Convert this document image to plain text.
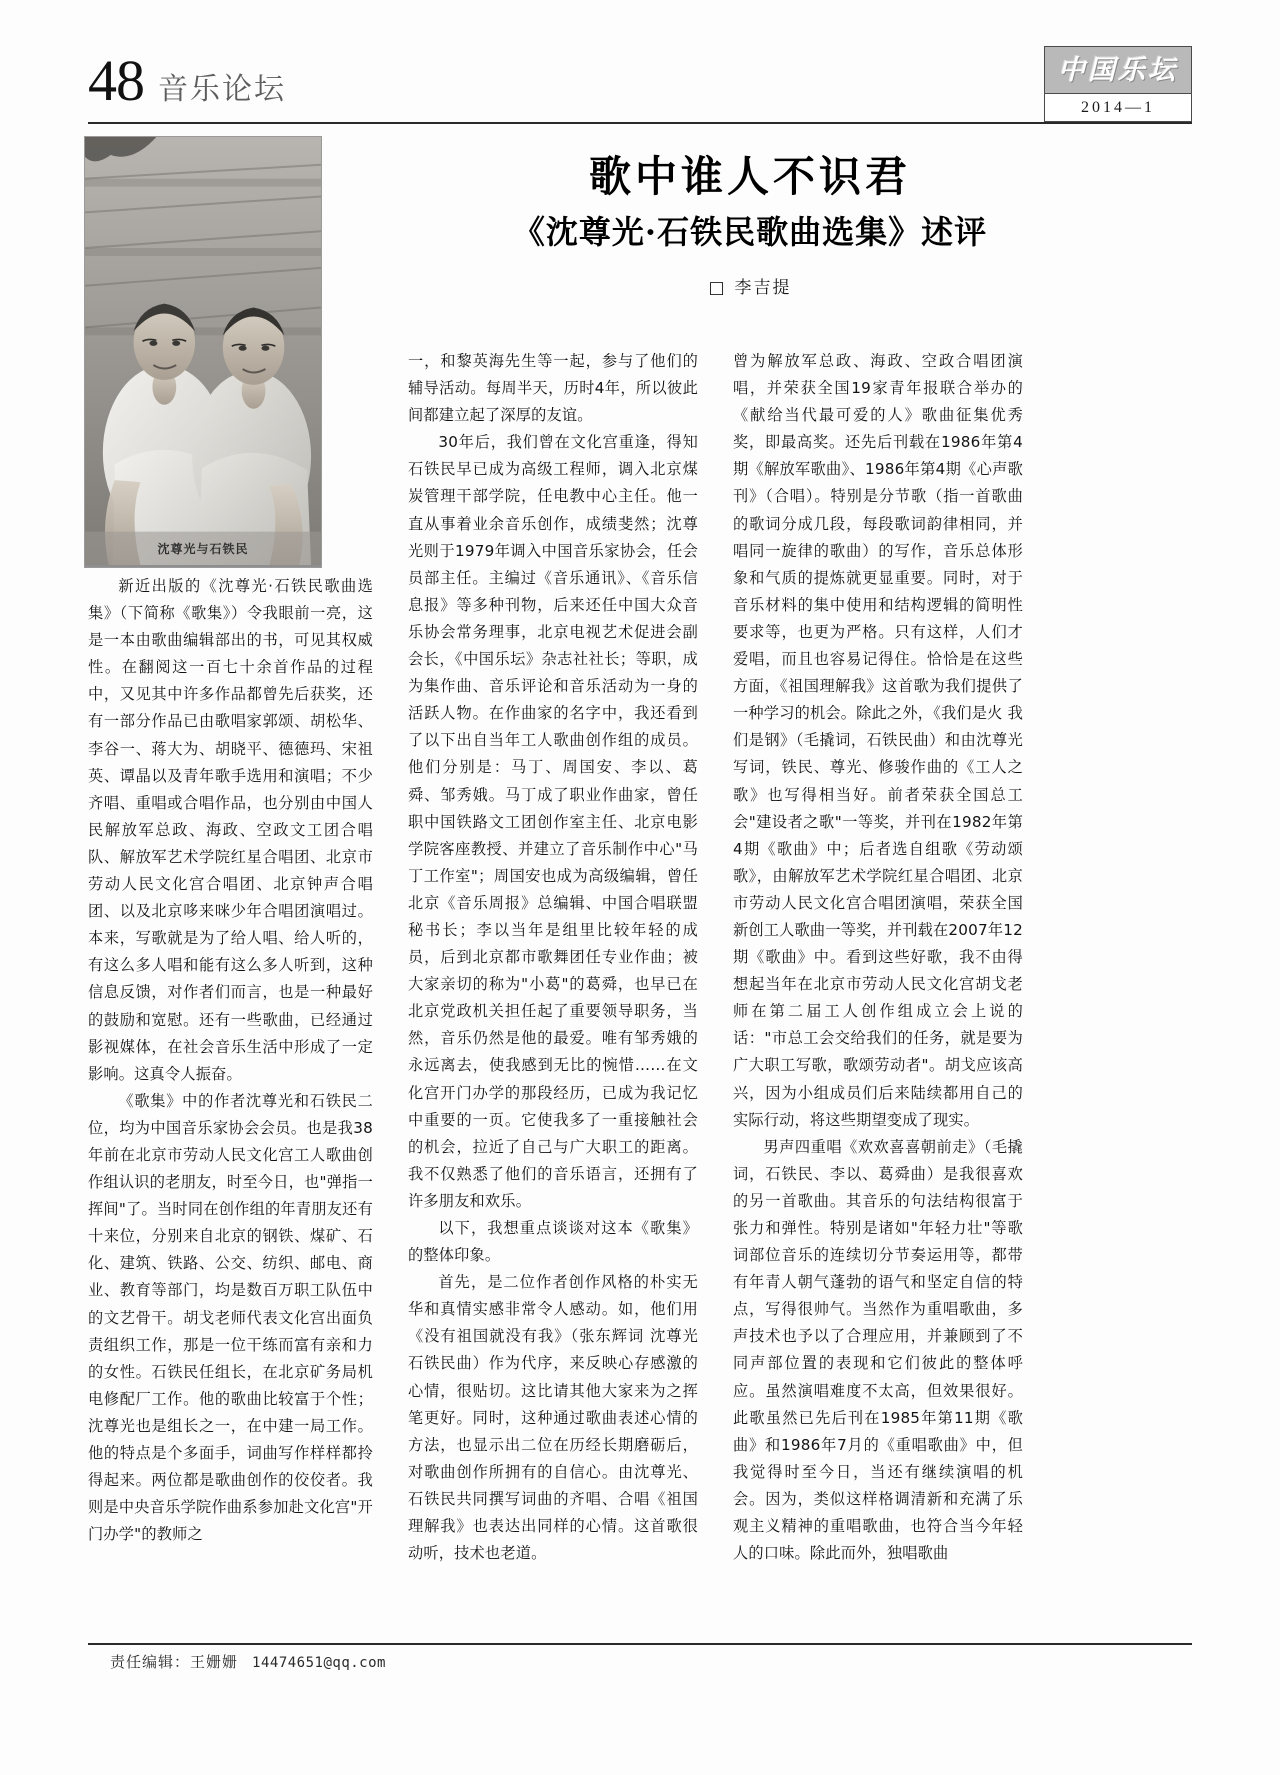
48 音乐论坛
中国乐坛
2014—1
歌中谁人不识君
《沈尊光·石铁民歌曲选集》述评
□ 李吉提
沈尊光与石铁民

新近出版的《沈尊光·石铁民歌曲选集》（下简称《歌集》）令我眼前一亮，这是一本由歌曲编辑部出的书，可见其权威性。在翻阅这一百七十余首作品的过程中，又见其中许多作品都曾先后获奖，还有一部分作品已由歌唱家郭颂、胡松华、李谷一、蒋大为、胡晓平、德德玛、宋祖英、谭晶以及青年歌手选用和演唱；不少齐唱、重唱或合唱作品，也分别由中国人民解放军总政、海政、空政文工团合唱队、解放军艺术学院红星合唱团、北京市劳动人民文化宫合唱团、北京钟声合唱团、以及北京哆来咪少年合唱团演唱过。本来，写歌就是为了给人唱、给人听的，有这么多人唱和能有这么多人听到，这种信息反馈，对作者们而言，也是一种最好的鼓励和宽慰。还有一些歌曲，已经通过影视媒体，在社会音乐生活中形成了一定影响。这真令人振奋。

《歌集》中的作者沈尊光和石铁民二位，均为中国音乐家协会会员。也是我38年前在北京市劳动人民文化宫工人歌曲创作组认识的老朋友，时至今日，也"弹指一挥间"了。当时同在创作组的年青朋友还有十来位，分别来自北京的钢铁、煤矿、石化、建筑、铁路、公交、纺织、邮电、商业、教育等部门，均是数百万职工队伍中的文艺骨干。胡戈老师代表文化宫出面负责组织工作，那是一位干练而富有亲和力的女性。石铁民任组长，在北京矿务局机电修配厂工作。他的歌曲比较富于个性；沈尊光也是组长之一，在中建一局工作。他的特点是个多面手，词曲写作样样都拎得起来。两位都是歌曲创作的佼佼者。我则是中央音乐学院作曲系参加赴文化宫"开门办学"的教师之

一，和黎英海先生等一起，参与了他们的辅导活动。每周半天，历时4年，所以彼此间都建立起了深厚的友谊。

30年后，我们曾在文化宫重逢，得知石铁民早已成为高级工程师，调入北京煤炭管理干部学院，任电教中心主任。他一直从事着业余音乐创作，成绩斐然；沈尊光则于1979年调入中国音乐家协会，任会员部主任。主编过《音乐通讯》、《音乐信息报》等多种刊物，后来还任中国大众音乐协会常务理事，北京电视艺术促进会副会长，《中国乐坛》杂志社社长；等职，成为集作曲、音乐评论和音乐活动为一身的活跃人物。在作曲家的名字中，我还看到了以下出自当年工人歌曲创作组的成员。他们分别是：马丁、周国安、李以、葛舜、邹秀娥。马丁成了职业作曲家，曾任职中国铁路文工团创作室主任、北京电影学院客座教授、并建立了音乐制作中心"马丁工作室"；周国安也成为高级编辑，曾任北京《音乐周报》总编辑、中国合唱联盟秘书长；李以当年是组里比较年轻的成员，后到北京都市歌舞团任专业作曲；被大家亲切的称为"小葛"的葛舜，也早已在北京党政机关担任起了重要领导职务，当然，音乐仍然是他的最爱。唯有邹秀娥的永远离去，使我感到无比的惋惜……在文化宫开门办学的那段经历，已成为我记忆中重要的一页。它使我多了一重接触社会的机会，拉近了自己与广大职工的距离。我不仅熟悉了他们的音乐语言，还拥有了许多朋友和欢乐。

以下，我想重点谈谈对这本《歌集》的整体印象。

首先，是二位作者创作风格的朴实无华和真情实感非常令人感动。如，他们用《没有祖国就没有我》（张东辉词 沈尊光 石铁民曲）作为代序，来反映心存感激的心情，很贴切。这比请其他大家来为之挥笔更好。同时，这种通过歌曲表述心情的方法，也显示出二位在历经长期磨砺后，对歌曲创作所拥有的自信心。由沈尊光、石铁民共同撰写词曲的齐唱、合唱《祖国理解我》也表达出同样的心情。这首歌很动听，技术也老道。

曾为解放军总政、海政、空政合唱团演唱，并荣获全国19家青年报联合举办的《献给当代最可爱的人》歌曲征集优秀奖，即最高奖。还先后刊载在1986年第4期《解放军歌曲》、1986年第4期《心声歌刊》（合唱）。特别是分节歌（指一首歌曲的歌词分成几段，每段歌词韵律相同，并唱同一旋律的歌曲）的写作，音乐总体形象和气质的提炼就更显重要。同时，对于音乐材料的集中使用和结构逻辑的简明性要求等，也更为严格。只有这样，人们才爱唱，而且也容易记得住。恰恰是在这些方面，《祖国理解我》这首歌为我们提供了一种学习的机会。除此之外，《我们是火 我们是钢》（毛撬词，石铁民曲）和由沈尊光写词，铁民、尊光、修骏作曲的《工人之歌》也写得相当好。前者荣获全国总工会"建设者之歌"一等奖，并刊在1982年第4期《歌曲》中；后者选自组歌《劳动颂歌》，由解放军艺术学院红星合唱团、北京市劳动人民文化宫合唱团演唱，荣获全国新创工人歌曲一等奖，并刊载在2007年12期《歌曲》中。看到这些好歌，我不由得想起当年在北京市劳动人民文化宫胡戈老师在第二届工人创作组成立会上说的话："市总工会交给我们的任务，就是要为广大职工写歌，歌颂劳动者"。胡戈应该高兴，因为小组成员们后来陆续都用自己的实际行动，将这些期望变成了现实。

男声四重唱《欢欢喜喜朝前走》（毛撬词，石铁民、李以、葛舜曲）是我很喜欢的另一首歌曲。其音乐的句法结构很富于张力和弹性。特别是诸如"年轻力壮"等歌词部位音乐的连续切分节奏运用等，都带有年青人朝气蓬勃的语气和坚定自信的特点，写得很帅气。当然作为重唱歌曲，多声技术也予以了合理应用，并兼顾到了不同声部位置的表现和它们彼此的整体呼应。虽然演唱难度不太高，但效果很好。此歌虽然已先后刊在1985年第11期《歌曲》和1986年7月的《重唱歌曲》中，但我觉得时至今日，当还有继续演唱的机会。因为，类似这样格调清新和充满了乐观主义精神的重唱歌曲，也符合当今年轻人的口味。除此而外，独唱歌曲

责任编辑：王姗姗 14474651@qq.com
